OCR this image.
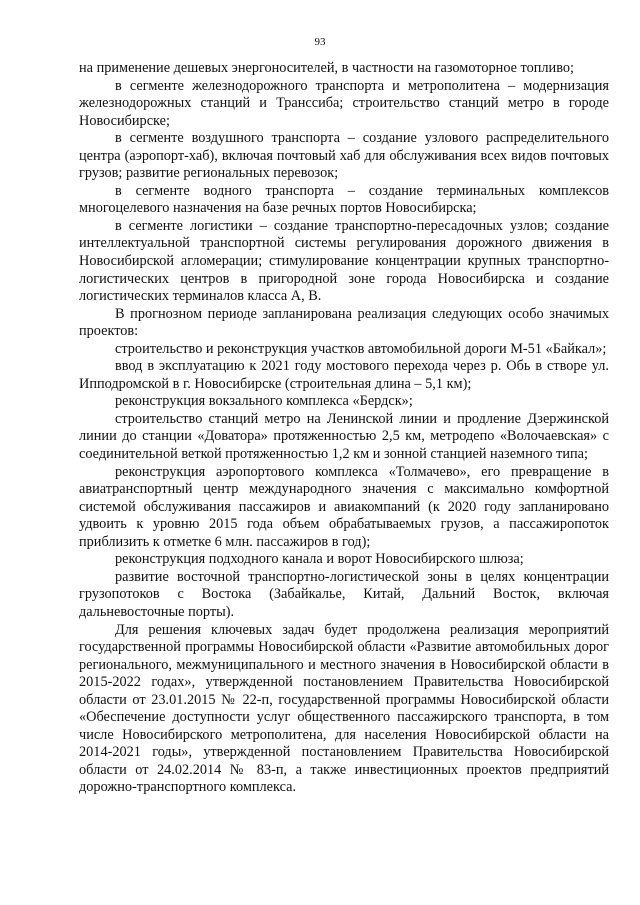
93

на применение дешевых энергоносителей, в частности на газомоторное топливо;

в сегменте железнодорожного транспорта и метрополитена – модернизация железнодорожных станций и Транссиба; строительство станций метро в городе Новосибирске;

в сегменте воздушного транспорта – создание узлового распределительного центра (аэропорт-хаб), включая почтовый хаб для обслуживания всех видов почтовых грузов; развитие региональных перевозок;

в сегменте водного транспорта – создание терминальных комплексов многоцелевого назначения на базе речных портов Новосибирска;

в сегменте логистики – создание транспортно-пересадочных узлов; создание интеллектуальной транспортной системы регулирования дорожного движения в Новосибирской агломерации; стимулирование концентрации крупных транспортно-логистических центров в пригородной зоне города Новосибирска и создание логистических терминалов класса А, В.

В прогнозном периоде запланирована реализация следующих особо значимых проектов:

строительство и реконструкция участков автомобильной дороги М-51 «Байкал»;

ввод в эксплуатацию к 2021 году мостового перехода через р. Обь в створе ул. Ипподромской в г. Новосибирске (строительная длина – 5,1 км);

реконструкция вокзального комплекса «Бердск»;

строительство станций метро на Ленинской линии и продление Дзержинской линии до станции «Доватора» протяженностью 2,5 км, метродепо «Волочаевская» с соединительной веткой протяженностью 1,2 км и зонной станцией наземного типа;

реконструкция аэропортового комплекса «Толмачево», его превращение в авиатранспортный центр международного значения с максимально комфортной системой обслуживания пассажиров и авиакомпаний (к 2020 году запланировано удвоить к уровню 2015 года объем обрабатываемых грузов, а пассажиропоток приблизить к отметке 6 млн. пассажиров в год);

реконструкция подходного канала и ворот Новосибирского шлюза;

развитие восточной транспортно-логистической зоны в целях концентрации грузопотоков с Востока (Забайкалье, Китай, Дальний Восток, включая дальневосточные порты).

Для решения ключевых задач будет продолжена реализация мероприятий государственной программы Новосибирской области «Развитие автомобильных дорог регионального, межмуниципального и местного значения в Новосибирской области в 2015-2022 годах», утвержденной постановлением Правительства Новосибирской области от 23.01.2015 № 22-п, государственной программы Новосибирской области «Обеспечение доступности услуг общественного пассажирского транспорта, в том числе Новосибирского метрополитена, для населения Новосибирской области на 2014-2021 годы», утвержденной постановлением Правительства Новосибирской области от 24.02.2014 № 83-п, а также инвестиционных проектов предприятий дорожно-транспортного комплекса.
